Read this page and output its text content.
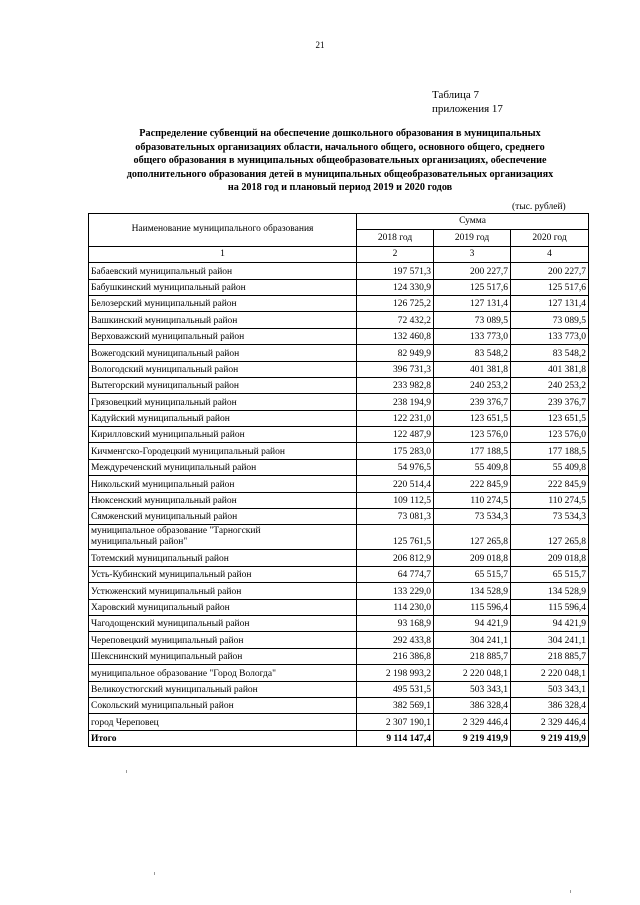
21
Таблица 7
приложения 17
Распределение субвенций на обеспечение дошкольного образования в муниципальных
образовательных организациях области, начального общего, основного общего, среднего
общего образования в муниципальных общеобразовательных организациях, обеспечение
дополнительного образования детей в муниципальных общеобразовательных организациях
на 2018 год и плановый период 2019 и 2020 годов
(тыс. рублей)
Наименование муниципального образования	Сумма		
	2018 год	2019 год	2020 год
1	2	3	4
Бабаевский муниципальный район	197 571,3	200 227,7	200 227,7
Бабушкинский муниципальный район	124 330,9	125 517,6	125 517,6
Белозерский муниципальный район	126 725,2	127 131,4	127 131,4
Вашкинский муниципальный район	72 432,2	73 089,5	73 089,5
Верховажский муниципальный район	132 460,8	133 773,0	133 773,0
Вожегодский муниципальный район	82 949,9	83 548,2	83 548,2
Вологодский муниципальный район	396 731,3	401 381,8	401 381,8
Вытегорский муниципальный район	233 982,8	240 253,2	240 253,2
Грязовецкий муниципальный район	238 194,9	239 376,7	239 376,7
Кадуйский муниципальный район	122 231,0	123 651,5	123 651,5
Кирилловский муниципальный район	122 487,9	123 576,0	123 576,0
Кичменгско-Городецкий муниципальный район	175 283,0	177 188,5	177 188,5
Междуреченский муниципальный район	54 976,5	55 409,8	55 409,8
Никольский муниципальный район	220 514,4	222 845,9	222 845,9
Нюксенский муниципальный район	109 112,5	110 274,5	110 274,5
Сямженский муниципальный район	73 081,3	73 534,3	73 534,3

муниципальное образование "Тарногский
муниципальный район"	125 761,5	127 265,8	127 265,8
Тотемский муниципальный район	206 812,9	209 018,8	209 018,8
Усть-Кубинский муниципальный район	64 774,7	65 515,7	65 515,7
Устюженский муниципальный район	133 229,0	134 528,9	134 528,9
Харовский муниципальный район	114 230,0	115 596,4	115 596,4
Чагодощенский муниципальный район	93 168,9	94 421,9	94 421,9
Череповецкий муниципальный район	292 433,8	304 241,1	304 241,1
Шекснинский муниципальный район	216 386,8	218 885,7	218 885,7
муниципальное образование "Город Вологда"	2 198 993,2	2 220 048,1	2 220 048,1
Великоустюгский муниципальный район	495 531,5	503 343,1	503 343,1
Сокольский муниципальный район	382 569,1	386 328,4	386 328,4
город Череповец	2 307 190,1	2 329 446,4	2 329 446,4
Итого	9 114 147,4	9 219 419,9	9 219 419,9
